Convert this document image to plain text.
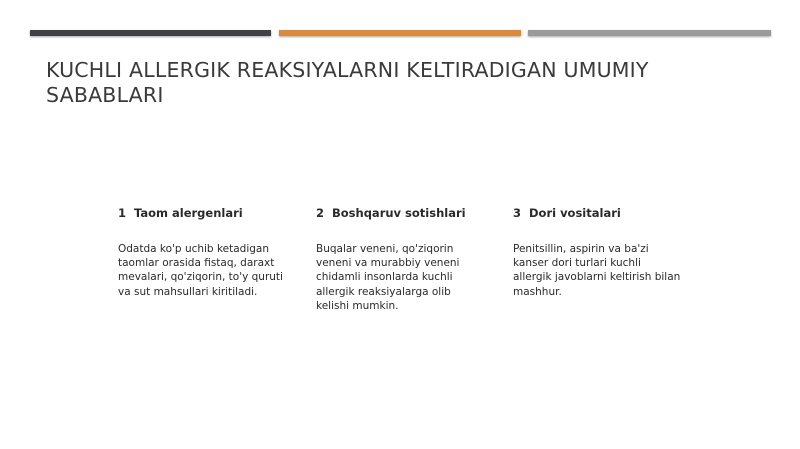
KUCHLI ALLERGIK REAKSIYALARNI KELTIRADIGAN UMUMIY SABABLARI
1 Taom alergenlari
Odatda ko'p uchib ketadigan taomlar orasida fistaq, daraxt mevalari, qo'ziqorin, to'y quruti va sut mahsullari kiritiladi.
2 Boshqaruv sotishlari
Buqalar veneni, qo'ziqorin veneni va murabbiy veneni chidamli insonlarda kuchli allergik reaksiyalarga olib kelishi mumkin.
3 Dori vositalari
Penitsillin, aspirin va ba'zi kanser dori turlari kuchli allergik javoblarni keltirish bilan mashhur.
